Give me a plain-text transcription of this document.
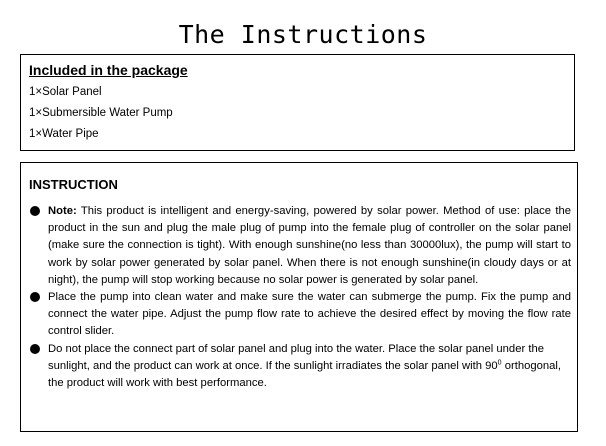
The Instructions
Included in the package
1×Solar Panel
1×Submersible Water Pump
1×Water Pipe
INSTRUCTION
Note: This product is intelligent and energy-saving, powered by solar power. Method of use: place the product in the sun and plug the male plug of pump into the female plug of controller on the solar panel (make sure the connection is tight). With enough sunshine(no less than 30000lux), the pump will start to work by solar power generated by solar panel. When there is not enough sunshine(in cloudy days or at night), the pump will stop working because no solar power is generated by solar panel.
Place the pump into clean water and make sure the water can submerge the pump. Fix the pump and connect the water pipe. Adjust the pump flow rate to achieve the desired effect by moving the flow rate control slider.
Do not place the connect part of solar panel and plug into the water. Place the solar panel under the sunlight, and the product can work at once. If the sunlight irradiates the solar panel with $90^0$ orthogonal, the product will work with best performance.
